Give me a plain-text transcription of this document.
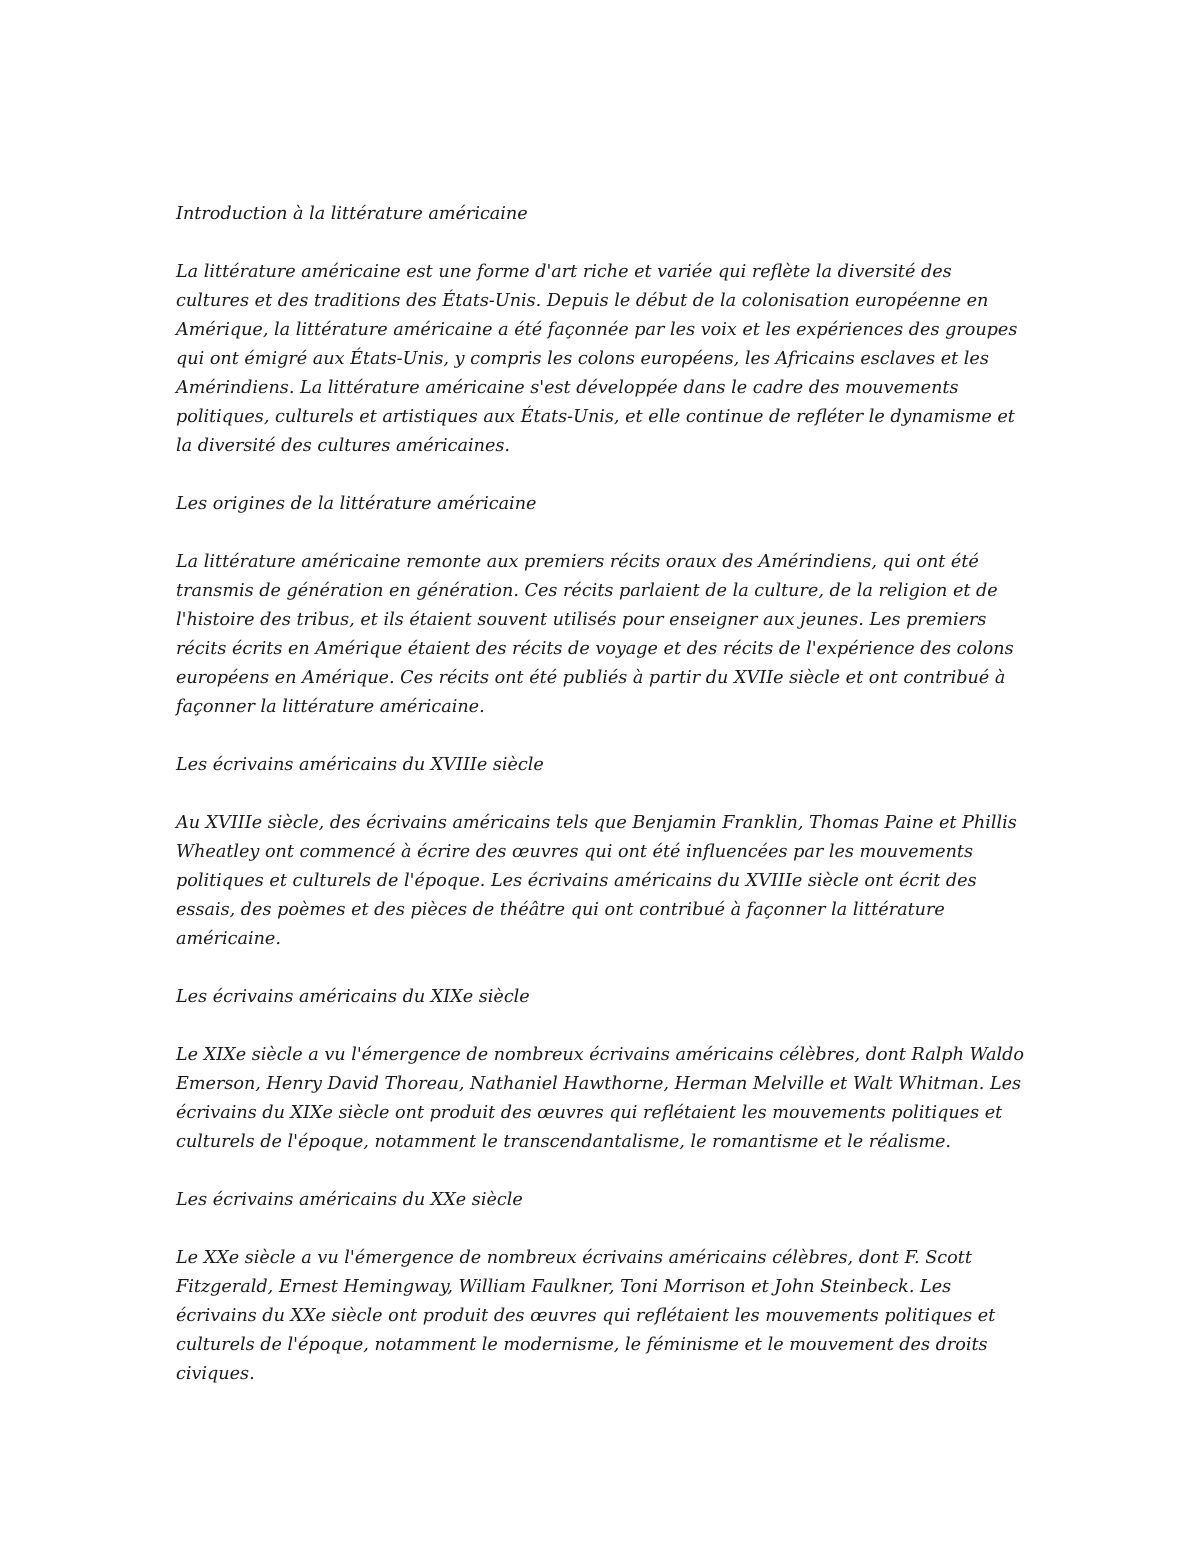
Introduction à la littérature américaine

La littérature américaine est une forme d'art riche et variée qui reflète la diversité des cultures et des traditions des États-Unis. Depuis le début de la colonisation européenne en Amérique, la littérature américaine a été façonnée par les voix et les expériences des groupes qui ont émigré aux États-Unis, y compris les colons européens, les Africains esclaves et les Amérindiens. La littérature américaine s'est développée dans le cadre des mouvements politiques, culturels et artistiques aux États-Unis, et elle continue de refléter le dynamisme et la diversité des cultures américaines.

Les origines de la littérature américaine

La littérature américaine remonte aux premiers récits oraux des Amérindiens, qui ont été transmis de génération en génération. Ces récits parlaient de la culture, de la religion et de l'histoire des tribus, et ils étaient souvent utilisés pour enseigner aux jeunes. Les premiers récits écrits en Amérique étaient des récits de voyage et des récits de l'expérience des colons européens en Amérique. Ces récits ont été publiés à partir du XVIIe siècle et ont contribué à façonner la littérature américaine.

Les écrivains américains du XVIIIe siècle

Au XVIIIe siècle, des écrivains américains tels que Benjamin Franklin, Thomas Paine et Phillis Wheatley ont commencé à écrire des œuvres qui ont été influencées par les mouvements politiques et culturels de l'époque. Les écrivains américains du XVIIIe siècle ont écrit des essais, des poèmes et des pièces de théâtre qui ont contribué à façonner la littérature américaine.

Les écrivains américains du XIXe siècle

Le XIXe siècle a vu l'émergence de nombreux écrivains américains célèbres, dont Ralph Waldo Emerson, Henry David Thoreau, Nathaniel Hawthorne, Herman Melville et Walt Whitman. Les écrivains du XIXe siècle ont produit des œuvres qui reflétaient les mouvements politiques et culturels de l'époque, notamment le transcendantalisme, le romantisme et le réalisme.

Les écrivains américains du XXe siècle

Le XXe siècle a vu l'émergence de nombreux écrivains américains célèbres, dont F. Scott Fitzgerald, Ernest Hemingway, William Faulkner, Toni Morrison et John Steinbeck. Les écrivains du XXe siècle ont produit des œuvres qui reflétaient les mouvements politiques et culturels de l'époque, notamment le modernisme, le féminisme et le mouvement des droits civiques.
